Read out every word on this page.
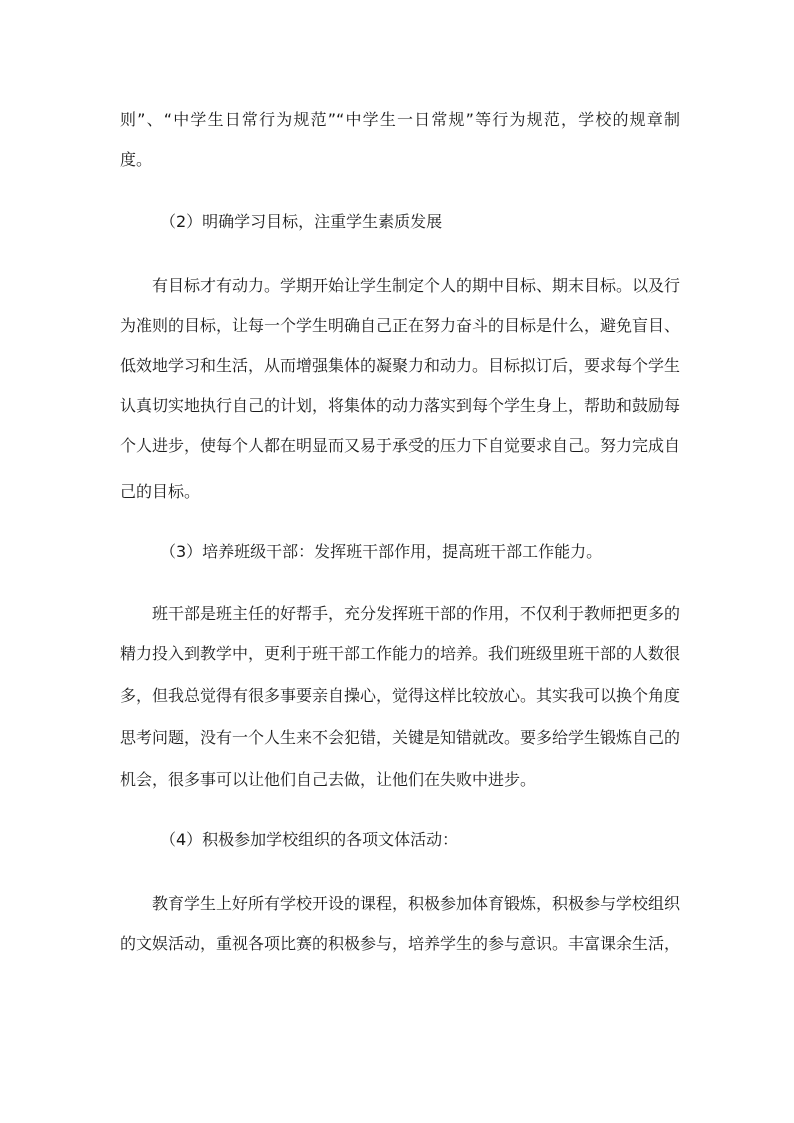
则”、“中学生日常行为规范”“中学生一日常规”等行为规范，学校的规章制

度。

（2）明确学习目标，注重学生素质发展

有目标才有动力。学期开始让学生制定个人的期中目标、期末目标。以及行

为准则的目标，让每一个学生明确自己正在努力奋斗的目标是什么，避免盲目、

低效地学习和生活，从而增强集体的凝聚力和动力。目标拟订后，要求每个学生

认真切实地执行自己的计划，将集体的动力落实到每个学生身上，帮助和鼓励每

个人进步，使每个人都在明显而又易于承受的压力下自觉要求自己。努力完成自

己的目标。

（3）培养班级干部：发挥班干部作用，提高班干部工作能力。

班干部是班主任的好帮手，充分发挥班干部的作用，不仅利于教师把更多的

精力投入到教学中，更利于班干部工作能力的培养。我们班级里班干部的人数很

多，但我总觉得有很多事要亲自操心，觉得这样比较放心。其实我可以换个角度

思考问题，没有一个人生来不会犯错，关键是知错就改。要多给学生锻炼自己的

机会，很多事可以让他们自己去做，让他们在失败中进步。

（4）积极参加学校组织的各项文体活动：

教育学生上好所有学校开设的课程，积极参加体育锻炼，积极参与学校组织

的文娱活动，重视各项比赛的积极参与，培养学生的参与意识。丰富课余生活，
